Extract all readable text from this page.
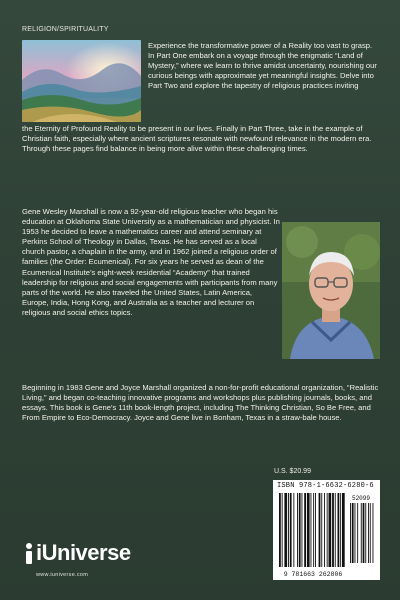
RELIGION/SPIRITUALITY

Experience the transformative power of a Reality too vast to grasp. In Part One embark on a voyage through the enigmatic “Land of Mystery,” where we learn to thrive amidst uncertainty, nourishing our curious beings with approximate yet meaningful insights. Delve into Part Two and explore the tapestry of religious practices inviting

the Eternity of Profound Reality to be present in our lives. Finally in Part Three, take in the example of Christian faith, especially where ancient scriptures resonate with newfound relevance in the modern era. Through these pages find balance in being more alive within these challenging times.

Gene Wesley Marshall is now a 92-year-old religious teacher who began his education at Oklahoma State University as a mathematician and physicist. In 1953 he decided to leave a mathematics career and attend seminary at Perkins School of Theology in Dallas, Texas. He has served as a local church pastor, a chaplain in the army, and in 1962 joined a religious order of families (the Order: Ecumenical). For six years he served as dean of the Ecumenical Institute’s eight-week residential “Academy” that trained leadership for religious and social engagements with participants from many parts of the world. He also traveled the United States, Latin America, Europe, India, Hong Kong, and Australia as a teacher and lecturer on religious and social ethics topics.

Beginning in 1983 Gene and Joyce Marshall organized a non-for-profit educational organization, “Realistic Living,” and began co-teaching innovative programs and workshops plus publishing journals, books, and essays. This book is Gene’s 11th book-length project, including The Thinking Christian, So Be Free, and From Empire to Eco-Democracy. Joyce and Gene live in Bonham, Texas in a straw-bale house.

U.S. $20.99
ISBN 978-1-6632-6280-6
52099
9 781663 262806
iUniverse
www.iuniverse.com
